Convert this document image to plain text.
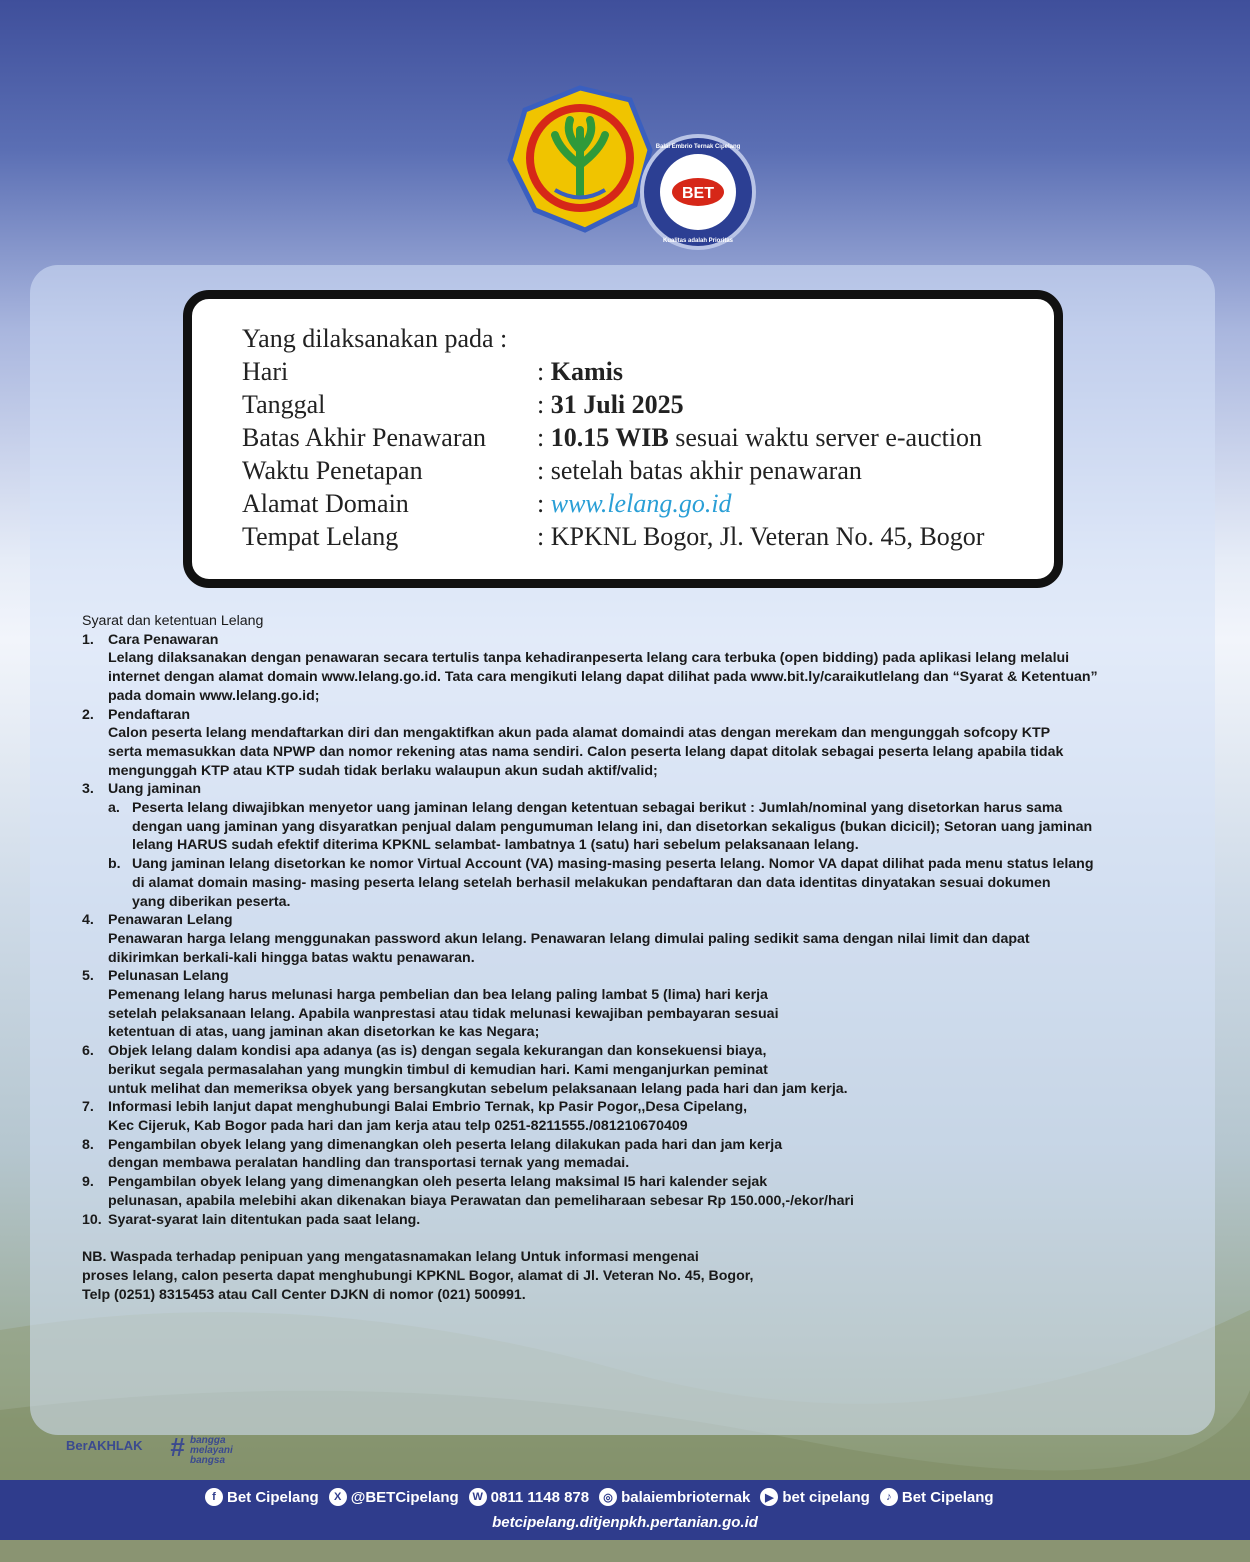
BET
Balai Embrio Ternak Cipelang
Kualitas adalah Prioritas
Yang dilaksanakan pada :
Hari	: Kamis
Tanggal	: 31 Juli 2025
Batas Akhir Penawaran : 10.15 WIB sesuai waktu server e-auction
Waktu Penetapan	: setelah batas akhir penawaran
Alamat Domain	: www.lelang.go.id
Tempat Lelang	: KPKNL Bogor, Jl. Veteran No. 45, Bogor
Syarat dan ketentuan Lelang
1. Cara Penawaran
Lelang dilaksanakan dengan penawaran secara tertulis tanpa kehadiranpeserta lelang cara terbuka (open bidding) pada aplikasi lelang melalui
internet dengan alamat domain www.lelang.go.id. Tata cara mengikuti lelang dapat dilihat pada www.bit.ly/caraikutlelang dan “Syarat & Ketentuan”
pada domain www.lelang.go.id;
2. Pendaftaran
Calon peserta lelang mendaftarkan diri dan mengaktifkan akun pada alamat domaindi atas dengan merekam dan mengunggah sofcopy KTP
serta memasukkan data NPWP dan nomor rekening atas nama sendiri. Calon peserta lelang dapat ditolak sebagai peserta lelang apabila tidak
mengunggah KTP atau KTP sudah tidak berlaku walaupun akun sudah aktif/valid;
3. Uang jaminan
a. Peserta lelang diwajibkan menyetor uang jaminan lelang dengan ketentuan sebagai berikut : Jumlah/nominal yang disetorkan harus sama
dengan uang jaminan yang disyaratkan penjual dalam pengumuman lelang ini, dan disetorkan sekaligus (bukan dicicil); Setoran uang jaminan
lelang HARUS sudah efektif diterima KPKNL selambat- lambatnya 1 (satu) hari sebelum pelaksanaan lelang.
b. Uang jaminan lelang disetorkan ke nomor Virtual Account (VA) masing-masing peserta lelang. Nomor VA dapat dilihat pada menu status lelang
di alamat domain masing- masing peserta lelang setelah berhasil melakukan pendaftaran dan data identitas dinyatakan sesuai dokumen
yang diberikan peserta.
4. Penawaran Lelang
Penawaran harga lelang menggunakan password akun lelang. Penawaran lelang dimulai paling sedikit sama dengan nilai limit dan dapat
dikirimkan berkali-kali hingga batas waktu penawaran.
5. Pelunasan Lelang
Pemenang lelang harus melunasi harga pembelian dan bea lelang paling lambat 5 (lima) hari kerja
setelah pelaksanaan lelang. Apabila wanprestasi atau tidak melunasi kewajiban pembayaran sesuai
ketentuan di atas, uang jaminan akan disetorkan ke kas Negara;
6. Objek lelang dalam kondisi apa adanya (as is) dengan segala kekurangan dan konsekuensi biaya,
berikut segala permasalahan yang mungkin timbul di kemudian hari. Kami menganjurkan peminat
untuk melihat dan memeriksa obyek yang bersangkutan sebelum pelaksanaan lelang pada hari dan jam kerja.
7. Informasi lebih lanjut dapat menghubungi Balai Embrio Ternak, kp Pasir Pogor,,Desa Cipelang,
Kec Cijeruk, Kab Bogor pada hari dan jam kerja atau telp 0251-8211555./081210670409
8. Pengambilan obyek lelang yang dimenangkan oleh peserta lelang dilakukan pada hari dan jam kerja
dengan membawa peralatan handling dan transportasi ternak yang memadai.
9. Pengambilan obyek lelang yang dimenangkan oleh peserta lelang maksimal I5 hari kalender sejak
pelunasan, apabila melebihi akan dikenakan biaya Perawatan dan pemeliharaan sebesar Rp 150.000,-/ekor/hari
10. Syarat-syarat lain ditentukan pada saat lelang.
NB. Waspada terhadap penipuan yang mengatasnamakan lelang Untuk informasi mengenai
proses lelang, calon peserta dapat menghubungi KPKNL Bogor, alamat di Jl. Veteran No. 45, Bogor,
Telp (0251) 8315453 atau Call Center DJKN di nomor (021) 500991.
BerAKHLAK # bangga
melayani
bangsa
f Bet Cipelang	X @BETCipelang	W 0811 1148 878	◎ balaiembrioternak	▶ bet cipelang	♪ Bet Cipelang
betcipelang.ditjenpkh.pertanian.go.id
